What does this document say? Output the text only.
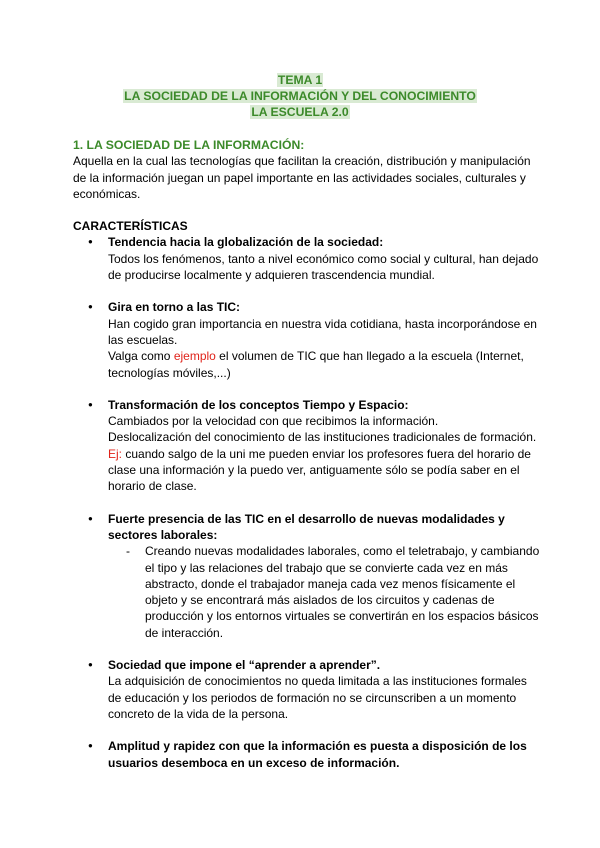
TEMA 1
LA SOCIEDAD DE LA INFORMACIÓN Y DEL CONOCIMIENTO
LA ESCUELA 2.0

1. LA SOCIEDAD DE LA INFORMACIÓN:

Aquella en la cual las tecnologías que facilitan la creación, distribución y manipulación de la información juegan un papel importante en las actividades sociales, culturales y económicas.

CARACTERÍSTICAS

● Tendencia hacia la globalización de la sociedad:
Todos los fenómenos, tanto a nivel económico como social y cultural, han dejado de producirse localmente y adquieren trascendencia mundial.
● Gira en torno a las TIC:
Han cogido gran importancia en nuestra vida cotidiana, hasta incorporándose en las escuelas.
Valga como ejemplo el volumen de TIC que han llegado a la escuela (Internet, tecnologías móviles,...)
● Transformación de los conceptos Tiempo y Espacio:
Cambiados por la velocidad con que recibimos la información.
Deslocalización del conocimiento de las instituciones tradicionales de formación.
Ej: cuando salgo de la uni me pueden enviar los profesores fuera del horario de clase una información y la puedo ver, antiguamente sólo se podía saber en el horario de clase.
● Fuerte presencia de las TIC en el desarrollo de nuevas modalidades y sectores laborales:
- Creando nuevas modalidades laborales, como el teletrabajo, y cambiando el tipo y las relaciones del trabajo que se convierte cada vez en más abstracto, donde el trabajador maneja cada vez menos físicamente el objeto y se encontrará más aislados de los circuitos y cadenas de producción y los entornos virtuales se convertirán en los espacios básicos de interacción.
● Sociedad que impone el “aprender a aprender”.
La adquisición de conocimientos no queda limitada a las instituciones formales de educación y los periodos de formación no se circunscriben a un momento concreto de la vida de la persona.
● Amplitud y rapidez con que la información es puesta a disposición de los usuarios desemboca en un exceso de información.
